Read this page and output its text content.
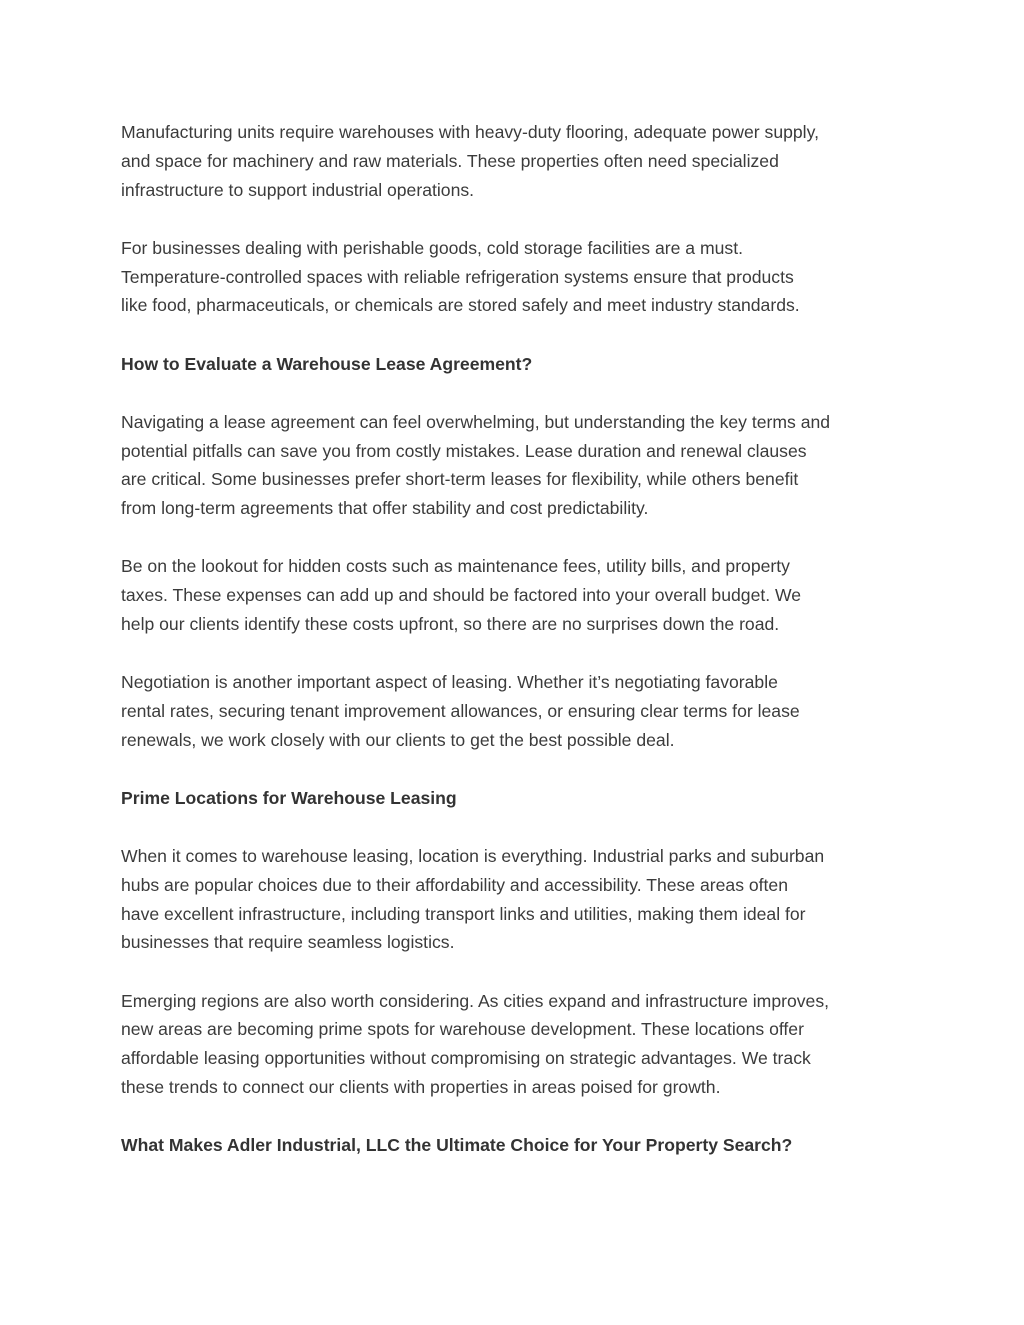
Manufacturing units require warehouses with heavy-duty flooring, adequate power supply,
and space for machinery and raw materials. These properties often need specialized
infrastructure to support industrial operations.

For businesses dealing with perishable goods, cold storage facilities are a must.
Temperature-controlled spaces with reliable refrigeration systems ensure that products
like food, pharmaceuticals, or chemicals are stored safely and meet industry standards.

How to Evaluate a Warehouse Lease Agreement?

Navigating a lease agreement can feel overwhelming, but understanding the key terms and
potential pitfalls can save you from costly mistakes. Lease duration and renewal clauses
are critical. Some businesses prefer short-term leases for flexibility, while others benefit
from long-term agreements that offer stability and cost predictability.

Be on the lookout for hidden costs such as maintenance fees, utility bills, and property
taxes. These expenses can add up and should be factored into your overall budget. We
help our clients identify these costs upfront, so there are no surprises down the road.

Negotiation is another important aspect of leasing. Whether it’s negotiating favorable
rental rates, securing tenant improvement allowances, or ensuring clear terms for lease
renewals, we work closely with our clients to get the best possible deal.

Prime Locations for Warehouse Leasing

When it comes to warehouse leasing, location is everything. Industrial parks and suburban
hubs are popular choices due to their affordability and accessibility. These areas often
have excellent infrastructure, including transport links and utilities, making them ideal for
businesses that require seamless logistics.

Emerging regions are also worth considering. As cities expand and infrastructure improves,
new areas are becoming prime spots for warehouse development. These locations offer
affordable leasing opportunities without compromising on strategic advantages. We track
these trends to connect our clients with properties in areas poised for growth.

What Makes Adler Industrial, LLC the Ultimate Choice for Your Property Search?
